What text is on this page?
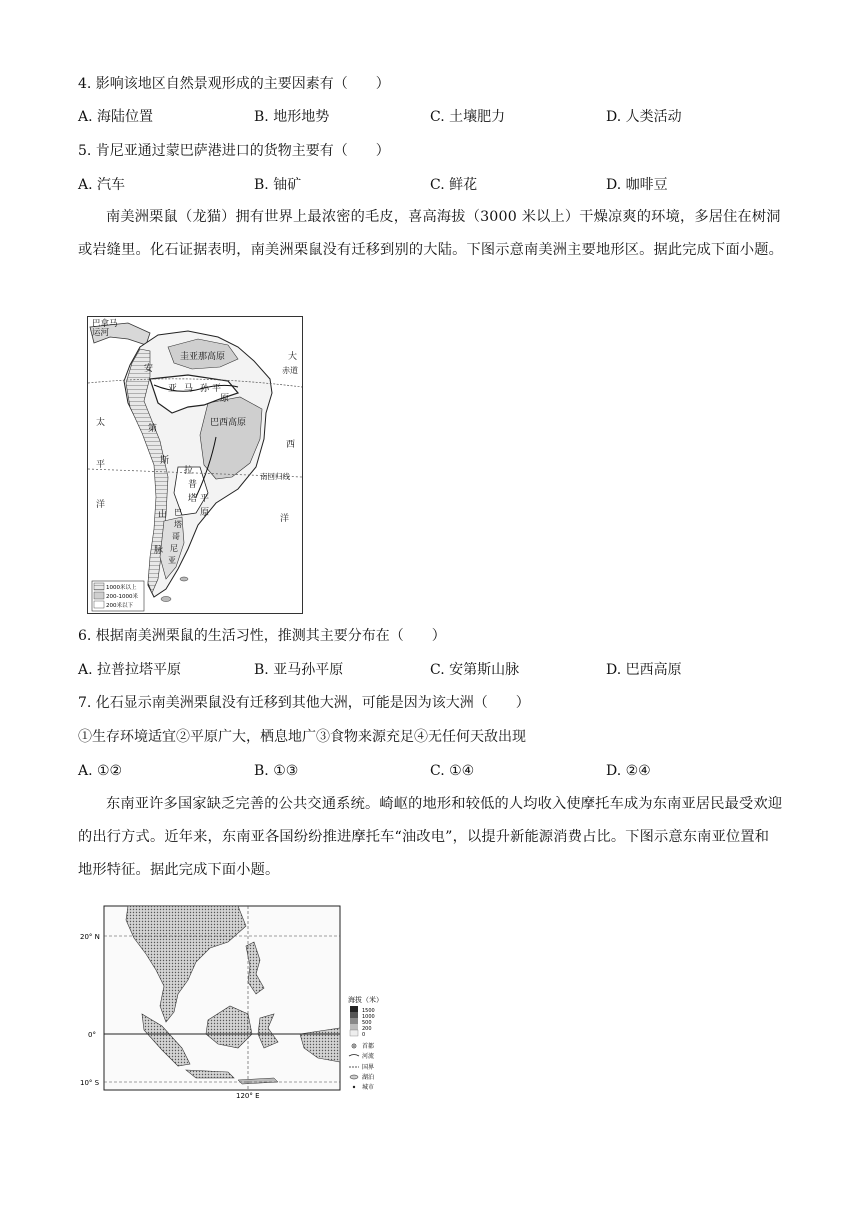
4. 影响该地区自然景观形成的主要因素有（　　）
A. 海陆位置	B. 地形地势	C. 土壤肥力	D. 人类活动
5. 肯尼亚通过蒙巴萨港进口的货物主要有（　　）
A. 汽车	B. 铀矿	C. 鲜花	D. 咖啡豆
南美洲栗鼠（龙猫）拥有世界上最浓密的毛皮，喜高海拔（3000 米以上）干燥凉爽的环境，多居住在树洞或岩缝里。化石证据表明，南美洲栗鼠没有迁移到别的大陆。下图示意南美洲主要地形区。据此完成下面小题。
巴拿马
运河
圭亚那高原	大
赤道
安
亚 马 孙 平
原
巴西高原
太
平
洋
西
洋
第
斯
山
脉
拉
普
塔 平
原
巴
塔
哥
尼
亚
南回归线
1000米以上
200-1000米
200米以下
6. 根据南美洲栗鼠的生活习性，推测其主要分布在（　　）
A. 拉普拉塔平原	B. 亚马孙平原	C. 安第斯山脉	D. 巴西高原
7. 化石显示南美洲栗鼠没有迁移到其他大洲，可能是因为该大洲（　　）
①生存环境适宜②平原广大，栖息地广③食物来源充足④无任何天敌出现
A. ①②	B. ①③	C. ①④	D. ②④
东南亚许多国家缺乏完善的公共交通系统。崎岖的地形和较低的人均收入使摩托车成为东南亚居民最受欢迎的出行方式。近年来，东南亚各国纷纷推进摩托车“油改电”，以提升新能源消费占比。下图示意东南亚位置和地形特征。据此完成下面小题。
20° N
0°
10° S
120° E
海拔（米）
1500
1000
500
200
0
首都
河流
国界
湖泊
城市
